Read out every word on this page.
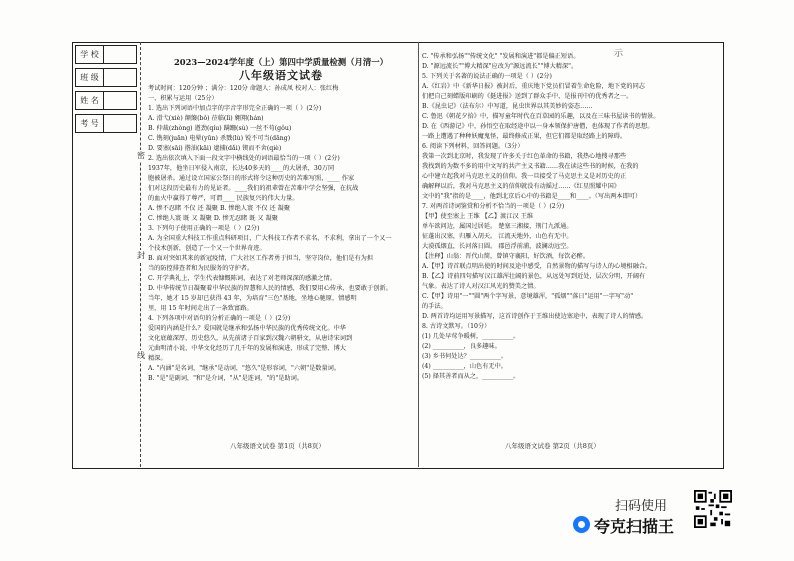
学 校
班 级
姓 名
考 号
密
封
线

2023—2024学年度（上）第四中学质量检测（月清一）

八年级语文试卷

考试时间：120分钟 ；满分：120分 命题人：孙成凤 校对人：张红梅

一、积累与运用（25分）

1. 选出下列词语中加点字的字音字形完全正确的一项（ ）(2分)

A. 滑弋(xiè) 颠簸(bǒ) 莅临(lì) 翱翔(hán)

B. 仲裁(zhòng) 遒劲(qíu) 蹒跚(sù) 一丝不苟(gǒu)

C. 镌刻(juān) 电晕(yūn) 杀戮(lù) 锐不可当(dāng)

D. 要塞(sāi) 揩油(kāi) 逮捕(dǎi) 锲而不舍(qiè)

2. 选出依次填入下面一段文字中横线处的词语最恰当的一项（ ）(2分)

1937年，他坐日军侵入南京，长达40多天的____的大屠杀，30万同

胞被屠杀。通过设立国家公祭日的形式将令这种历史的苦难写照，____ 作家

们对这段历史最有力的见证者。____我们的祖辈曾在苦难中学会坚强，在抗战

的血火中赢得了尊严，可谓____ 民族复兴的伟大力量。

A. 惨不忍睹 不仅 还 凝聚 B. 惨绝人寰 不仅 还 凝聚

C. 惨绝人寰 既 又 凝聚 D. 惨无忍睹 既 又 凝聚

3. 下列句子使用正确的一项是（ ）(2分)

A. 为全国重大科技工作重点科研项目，广大科技工作者不求名、不求利，拿出了一个又一

个技术创新，创造了一个又一个世界奇迹。

B. 面对突如其来的新冠疫情，广大社区工作者勇于担当，坚守岗位，他们是有为担

当的防控排查者和为民服务的守护者。

C. 开学典礼上，学生代表慷慨陈词，表达了对老师深深的感激之情。

D. 中华传统节日凝聚着中华民族的智慧和人民的情感，我们要用心传承，也要敢于创新。

当年，她才 15 岁却已获得 43 年，为培育"三色"基地，坐地心驰原，情感明

里，用 15 年时间走出了一条致富路。

4. 下列各项中对语句的分析正确的一项是（ ）(2分)

爱国的内涵是什么？爱国就是继承和弘扬中华民族的优秀传统文化。中华

文化底蕴深厚，历史悠久，从先前诸子百家到汉魏六朝骈文，从唐诗宋词到

元曲明清小说，中华文化经历了几千年的发展和演进，形成了完整、博大

精深。

A. "内涵"是名词，"继承"是动词，"悠久"是形容词，"六朝"是数量词。

B. "是"是副词，"和"是介词，"从"是连词，"的"是助词。

C. "传承和弘扬""传统文化" "发展和演进"都是偏正短语。

D. "源远流长""博大精深"应改为"源远流长""博大精深"。

5. 下列关于名著的说法正确的一项是（ ）(2分)

A.《红岩》中《新华日报》被封后，重庆地下党员们冒着生命危险，地下党的同志

们把自己刻蜡版印刷的《挺进报》送到了群众手中，是报刊中的优秀者之一。

B.《昆虫记》（法布尔）中写道，昆虫世界以其美妙的姿态……

C. 鲁迅《朝花夕拾》中，描写童年时代在百草园的乐趣，以及在三味书屋读书的情景。

D. 在《西游记》中，孙悟空在取经途中以一身本领保护唐僧，也体现了作者的思想。

一路上遭遇了种种妖魔鬼怪，最终修成正果，但它们都是取经路上的障碍。

6. 阅读下列材料，回答问题。（3分）

我第一次到北京时，我发现了许多关于红色革命的书籍，我热心地搜寻那些

我找到的为数不多的用中文写的共产主义书籍……我在读这些书的时候，在我的

心中建立起我对马克思主义的信仰。我一旦接受了马克思主义是对历史的正

确解释以后，我对马克思主义的信仰就没有动摇过……《红星照耀中国》

文中的"我"指的是____，他到北京后心中的书籍是____和____。（写出两本即可）

7. 对两首诗词鉴赏和分析不恰当的一项是（ ）(2分)

【甲】使至塞上 王维 【乙】渡江汉 王维

单车欲问边，属国过居延。 楚塞三湘接，荆门九派通。

征蓬出汉塞，归雁入胡天。 江流天地外，山色有无中。

大漠孤烟直，长河落日圆。 郡邑浮前浦，波澜动远空。

【注释】山翁：晋代山简，曾镇守襄阳，好饮酒，每饮必醉。

A.【甲】诗首联点明出使的时间及途中感受，自然景物的描写与诗人的心境相融合。

B.【乙】诗前四句描写汉江雄浑壮阔的景色，从远处写到近处，层次分明，开阔有

气象。表达了诗人对汉江风光的赞美之情。

C.【甲】诗用"一""圆"两个字写景，意境雄浑，"孤烟""落日"运用"一字写"动"

的手法。

D. 两首诗均运用写景描写，这首诗创作于王维出使边塞途中，表现了诗人的情感。

8. 古诗文默写。（10分）

(1) 几处早莺争暖树，__________。

(2) __________，良多趣味。

(3) 乡书何处达？__________。

(4) __________，山色有无中。

(5) 择其善者而从之，__________。

八年级语文试卷 第1页（共8页）	八年级语文试卷 第2页（共8页）
示
扫码使用
夸克扫描王
